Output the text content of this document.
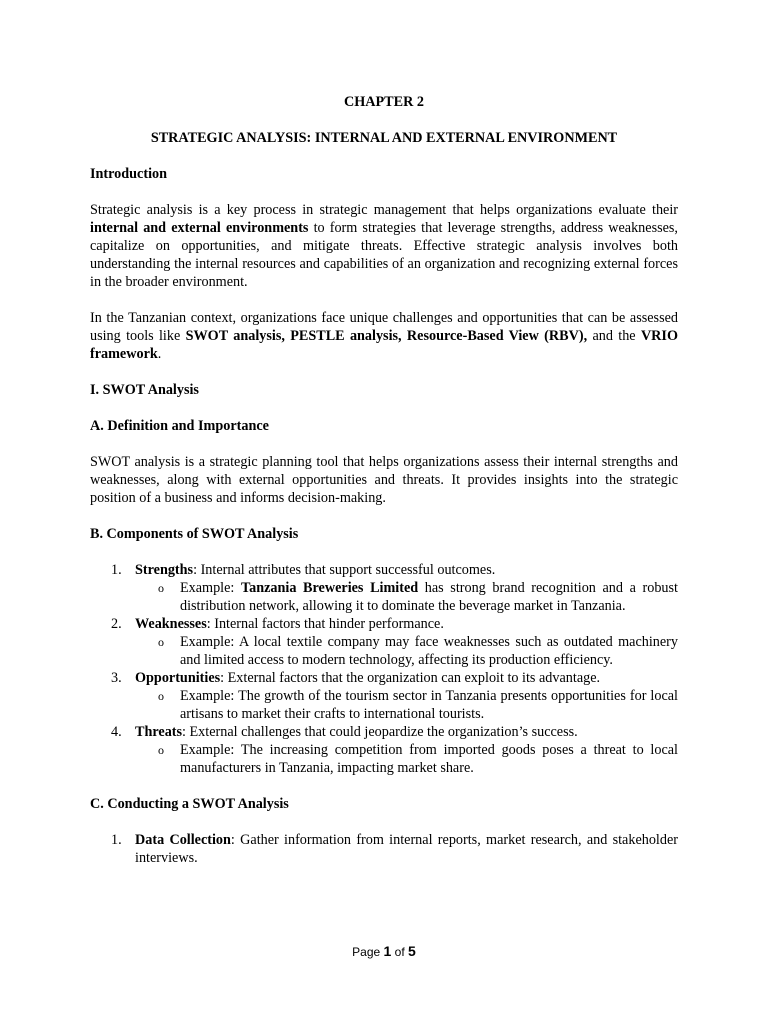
CHAPTER 2

STRATEGIC ANALYSIS: INTERNAL AND EXTERNAL ENVIRONMENT

Introduction

Strategic analysis is a key process in strategic management that helps organizations evaluate their internal and external environments to form strategies that leverage strengths, address weaknesses, capitalize on opportunities, and mitigate threats. Effective strategic analysis involves both understanding the internal resources and capabilities of an organization and recognizing external forces in the broader environment.

In the Tanzanian context, organizations face unique challenges and opportunities that can be assessed using tools like SWOT analysis, PESTLE analysis, Resource-Based View (RBV), and the VRIO framework.

I. SWOT Analysis

A. Definition and Importance

SWOT analysis is a strategic planning tool that helps organizations assess their internal strengths and weaknesses, along with external opportunities and threats. It provides insights into the strategic position of a business and informs decision-making.

B. Components of SWOT Analysis

1. Strengths: Internal attributes that support successful outcomes.
o Example: Tanzania Breweries Limited has strong brand recognition and a robust distribution network, allowing it to dominate the beverage market in Tanzania.
2. Weaknesses: Internal factors that hinder performance.
o Example: A local textile company may face weaknesses such as outdated machinery and limited access to modern technology, affecting its production efficiency.
3. Opportunities: External factors that the organization can exploit to its advantage.
o Example: The growth of the tourism sector in Tanzania presents opportunities for local artisans to market their crafts to international tourists.
4. Threats: External challenges that could jeopardize the organization’s success.
o Example: The increasing competition from imported goods poses a threat to local manufacturers in Tanzania, impacting market share.

C. Conducting a SWOT Analysis

1. Data Collection: Gather information from internal reports, market research, and stakeholder interviews.
Page 1 of 5
